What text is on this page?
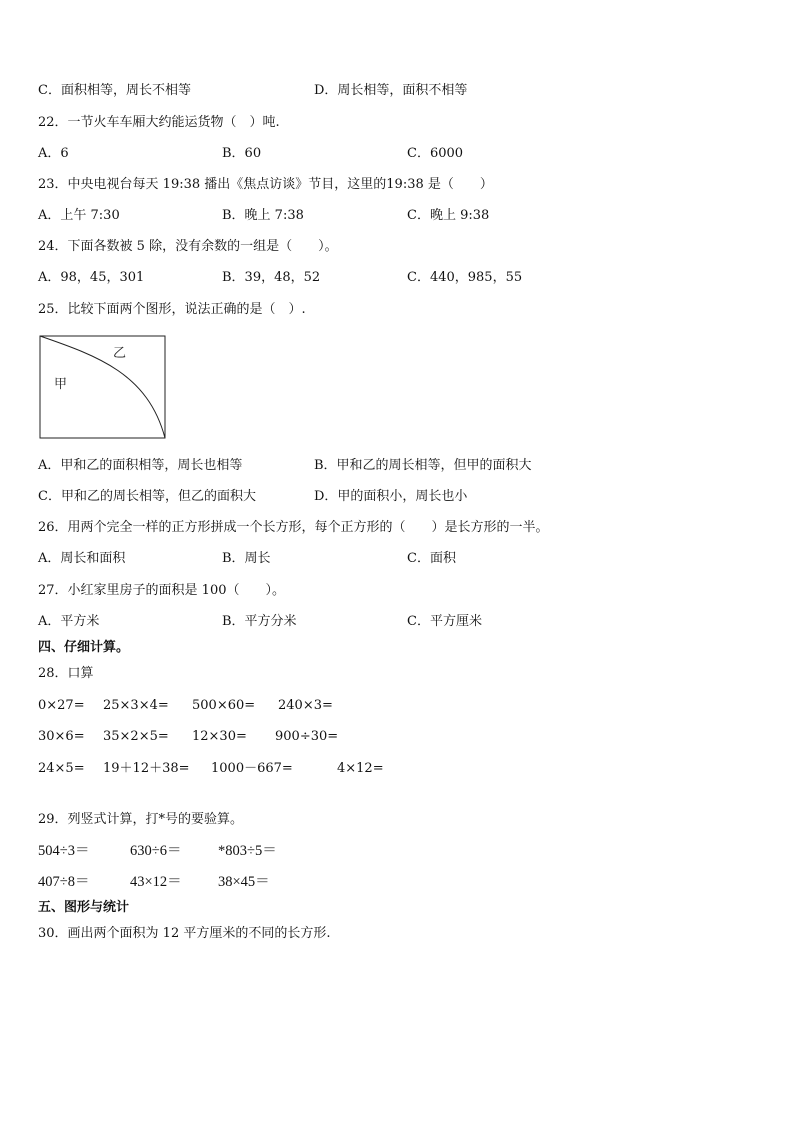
C．面积相等，周长不相等	D．周长相等，面积不相等
22．一节火车车厢大约能运货物（　）吨.
A．6	B．60	C．6000
23．中央电视台每天 19:38 播出《焦点访谈》节目，这里的19:38 是（　　）
A．上午 7:30	B．晚上 7:38	C．晚上 9:38
24．下面各数被 5 除，没有余数的一组是（　　）。
A．98，45，301	B．39，48，52	C．440，985，55
25．比较下面两个图形，说法正确的是（　）.
乙
甲
A．甲和乙的面积相等，周长也相等	B．甲和乙的周长相等，但甲的面积大
C．甲和乙的周长相等，但乙的面积大	D．甲的面积小，周长也小
26．用两个完全一样的正方形拼成一个长方形，每个正方形的（　　）是长方形的一半。
A．周长和面积	B．周长	C．面积
27．小红家里房子的面积是 100（　　）。
A．平方米	B．平方分米	C．平方厘米
四、仔细计算。
28．口算
0×27= 25×3×4= 500×60= 240×3=
30×6= 35×2×5= 12×30= 900÷30=
24×5= 19＋12＋38= 1000－667=	4×12=
29．列竖式计算，打*号的要验算。
504÷3＝	630÷6＝	*803÷5＝
407÷8＝	43×12＝	38×45＝
五、图形与统计
30．画出两个面积为 12 平方厘米的不同的长方形.
